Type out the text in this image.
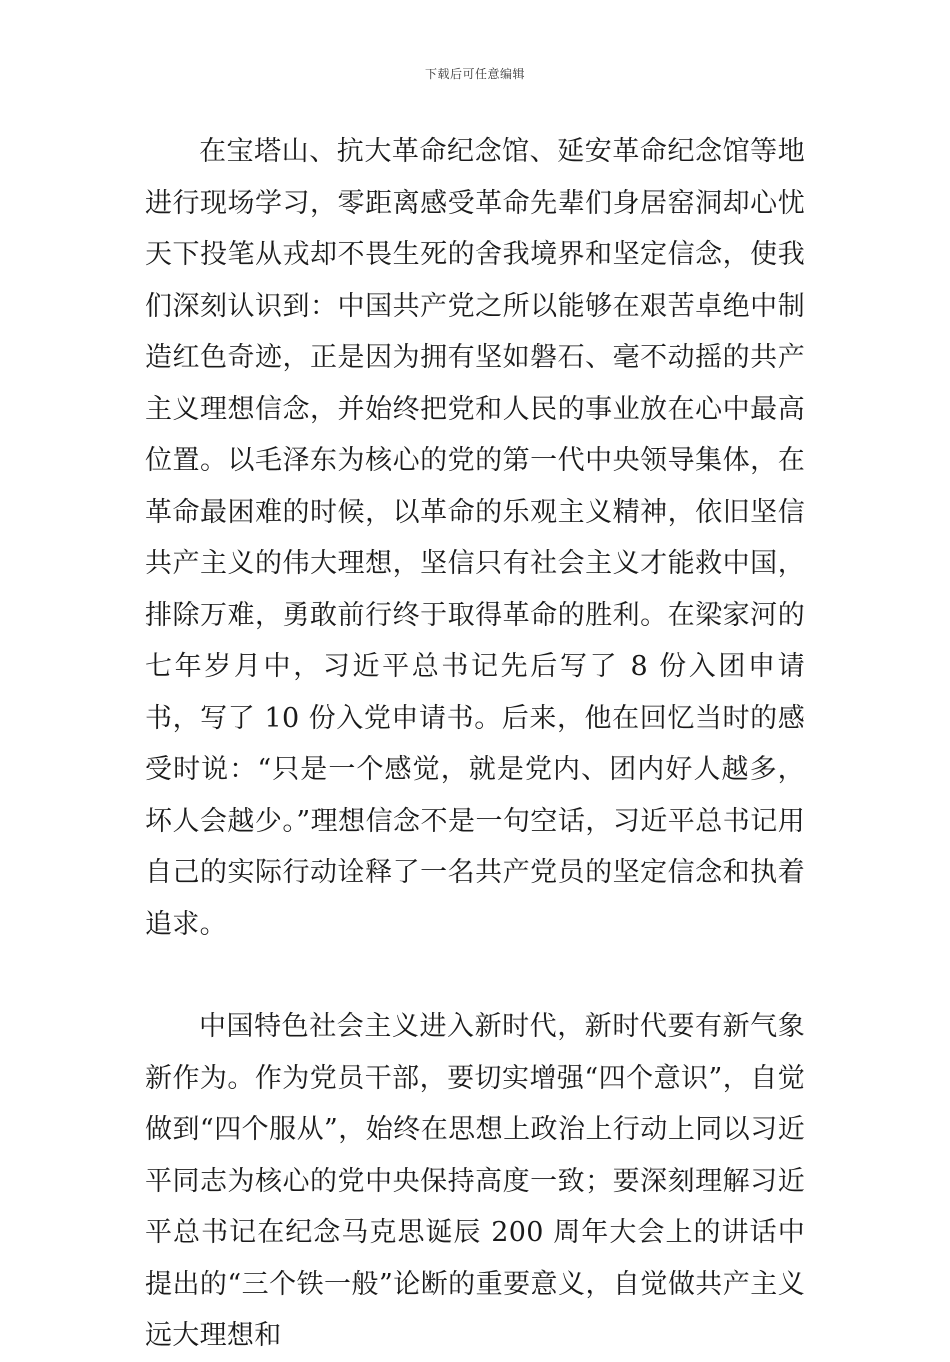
下载后可任意编辑

在宝塔山、抗大革命纪念馆、延安革命纪念馆等地进行现场学习，零距离感受革命先辈们身居窑洞却心忧天下投笔从戎却不畏生死的舍我境界和坚定信念，使我们深刻认识到：中国共产党之所以能够在艰苦卓绝中制造红色奇迹，正是因为拥有坚如磐石、毫不动摇的共产主义理想信念，并始终把党和人民的事业放在心中最高位置。以毛泽东为核心的党的第一代中央领导集体，在革命最困难的时候，以革命的乐观主义精神，依旧坚信共产主义的伟大理想，坚信只有社会主义才能救中国，排除万难，勇敢前行终于取得革命的胜利。在梁家河的七年岁月中，习近平总书记先后写了 8 份入团申请书，写了 10 份入党申请书。后来，他在回忆当时的感受时说：“只是一个感觉，就是党内、团内好人越多，坏人会越少。”理想信念不是一句空话，习近平总书记用自己的实际行动诠释了一名共产党员的坚定信念和执着追求。

中国特色社会主义进入新时代，新时代要有新气象新作为。作为党员干部，要切实增强“四个意识”，自觉做到“四个服从”，始终在思想上政治上行动上同以习近平同志为核心的党中央保持高度一致；要深刻理解习近平总书记在纪念马克思诞辰 200 周年大会上的讲话中提出的“三个铁一般”论断的重要意义，自觉做共产主义远大理想和
